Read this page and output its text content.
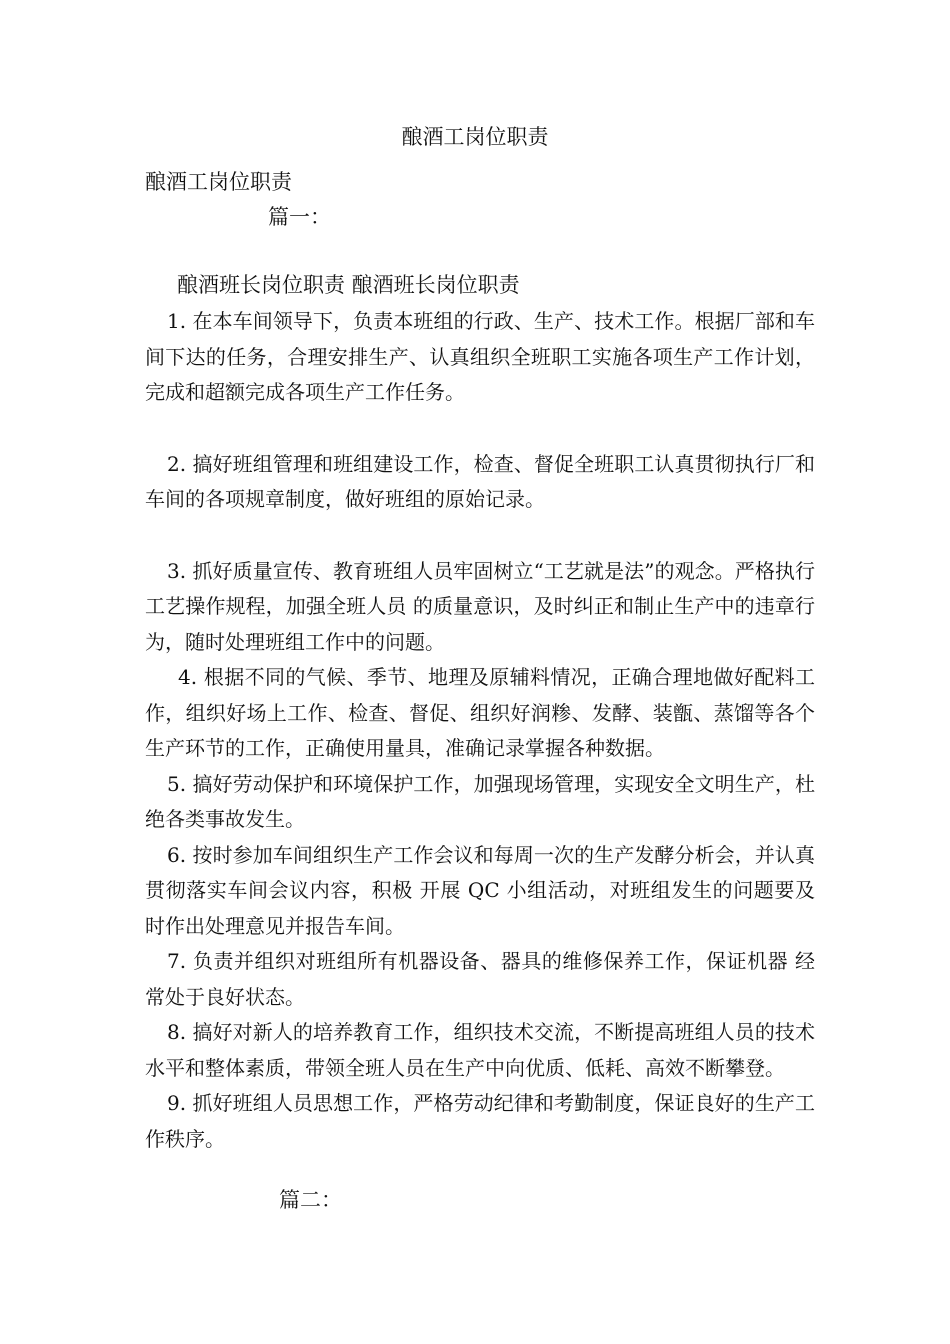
酿酒工岗位职责
酿酒工岗位职责
篇一：
酿酒班长岗位职责 酿酒班长岗位职责

1. 在本车间领导下，负责本班组的行政、生产、技术工作。根据厂部和车间下达的任务，合理安排生产、认真组织全班职工实施各项生产工作计划，完成和超额完成各项生产工作任务。

2. 搞好班组管理和班组建设工作，检查、督促全班职工认真贯彻执行厂和车间的各项规章制度，做好班组的原始记录。

3. 抓好质量宣传、教育班组人员牢固树立“工艺就是法”的观念。严格执行工艺操作规程，加强全班人员 的质量意识，及时纠正和制止生产中的违章行为，随时处理班组工作中的问题。

4. 根据不同的气候、季节、地理及原辅料情况，正确合理地做好配料工作，组织好场上工作、检查、督促、组织好润糁、发酵、装甑、蒸馏等各个生产环节的工作，正确使用量具，准确记录掌握各种数据。

5. 搞好劳动保护和环境保护工作，加强现场管理，实现安全文明生产，杜绝各类事故发生。

6. 按时参加车间组织生产工作会议和每周一次的生产发酵分析会，并认真贯彻落实车间会议内容，积极 开展 QC 小组活动，对班组发生的问题要及时作出处理意见并报告车间。

7. 负责并组织对班组所有机器设备、器具的维修保养工作，保证机器 经常处于良好状态。

8. 搞好对新人的培养教育工作，组织技术交流，不断提高班组人员的技术水平和整体素质，带领全班人员在生产中向优质、低耗、高效不断攀登。

9. 抓好班组人员思想工作，严格劳动纪律和考勤制度，保证良好的生产工作秩序。

篇二：
